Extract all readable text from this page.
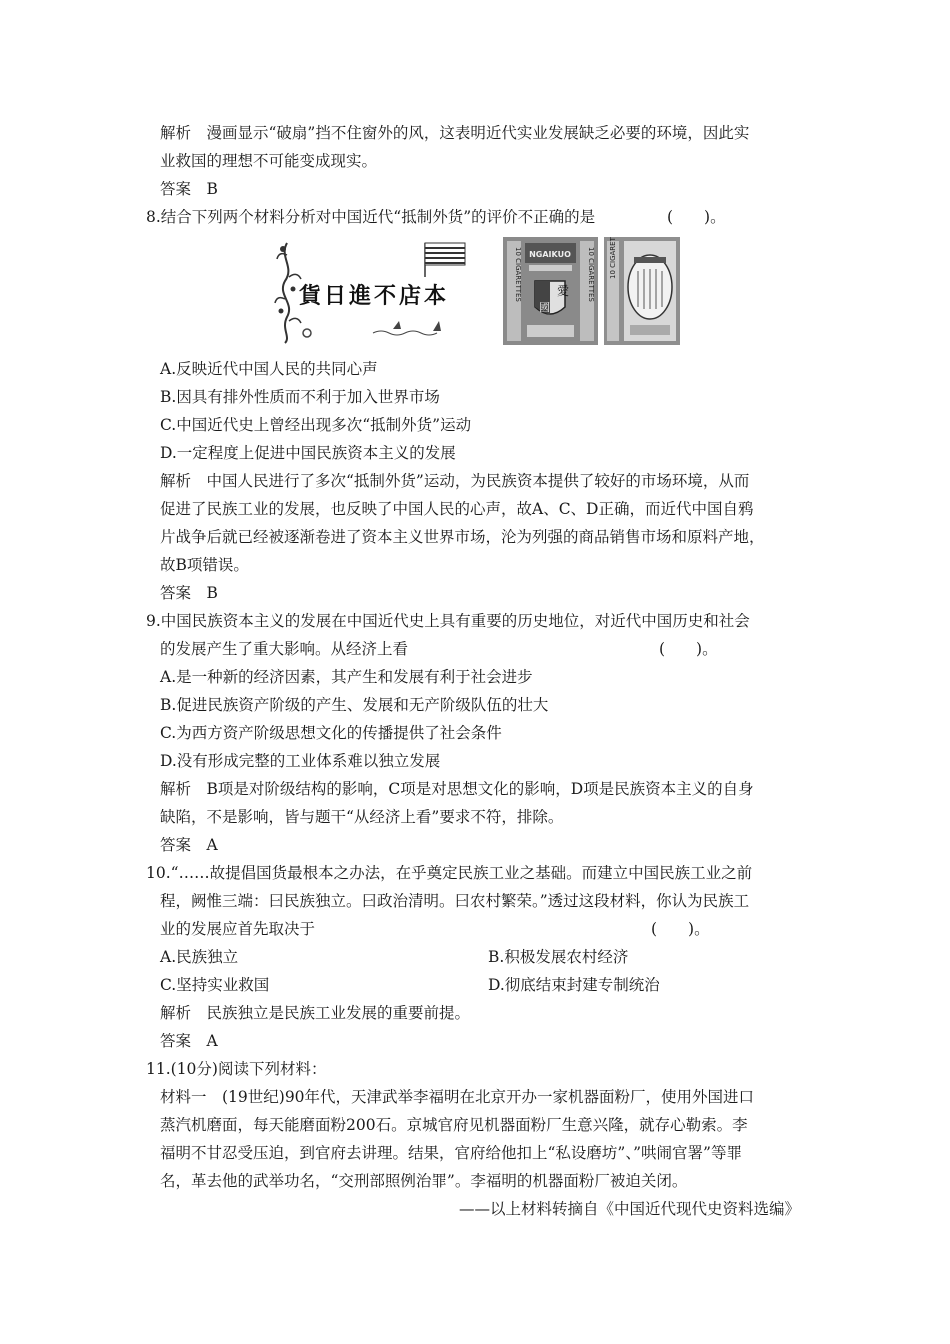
解析　漫画显示“破扇”挡不住窗外的风，这表明近代实业发展缺乏必要的环境，因此实
业救国的理想不可能变成现实。
答案　B
8.结合下列两个材料分析对中国近代“抵制外货”的评价不正确的是	(　　)。
貨日進不店本	10 CIGARETTES	10 CIGARETTES
NGAIKUO
愛
國
10 CIGARETTES
A.反映近代中国人民的共同心声
B.因具有排外性质而不利于加入世界市场
C.中国近代史上曾经出现多次“抵制外货”运动
D.一定程度上促进中国民族资本主义的发展
解析　中国人民进行了多次“抵制外货”运动，为民族资本提供了较好的市场环境，从而
促进了民族工业的发展，也反映了中国人民的心声，故A、C、D正确，而近代中国自鸦
片战争后就已经被逐渐卷进了资本主义世界市场，沦为列强的商品销售市场和原料产地，
故B项错误。
答案　B
9.中国民族资本主义的发展在中国近代史上具有重要的历史地位，对近代中国历史和社会
的发展产生了重大影响。从经济上看	(　　)。
A.是一种新的经济因素，其产生和发展有利于社会进步
B.促进民族资产阶级的产生、发展和无产阶级队伍的壮大
C.为西方资产阶级思想文化的传播提供了社会条件
D.没有形成完整的工业体系难以独立发展
解析　B项是对阶级结构的影响，C项是对思想文化的影响，D项是民族资本主义的自身
缺陷，不是影响，皆与题干“从经济上看”要求不符，排除。
答案　A
10.“……故提倡国货最根本之办法，在乎奠定民族工业之基础。而建立中国民族工业之前
程，阙惟三端：曰民族独立。曰政治清明。曰农村繁荣。”透过这段材料，你认为民族工
业的发展应首先取决于	(　　)。
A.民族独立	B.积极发展农村经济
C.坚持实业救国	D.彻底结束封建专制统治
解析　民族独立是民族工业发展的重要前提。
答案　A
11.(10分)阅读下列材料：
材料一　(19世纪)90年代，天津武举李福明在北京开办一家机器面粉厂，使用外国进口
蒸汽机磨面，每天能磨面粉200石。京城官府见机器面粉厂生意兴隆，就存心勒索。李
福明不甘忍受压迫，到官府去讲理。结果，官府给他扣上“私设磨坊”、”哄闹官署”等罪
名，革去他的武举功名，“交刑部照例治罪”。李福明的机器面粉厂被迫关闭。
——以上材料转摘自《中国近代现代史资料选编》
